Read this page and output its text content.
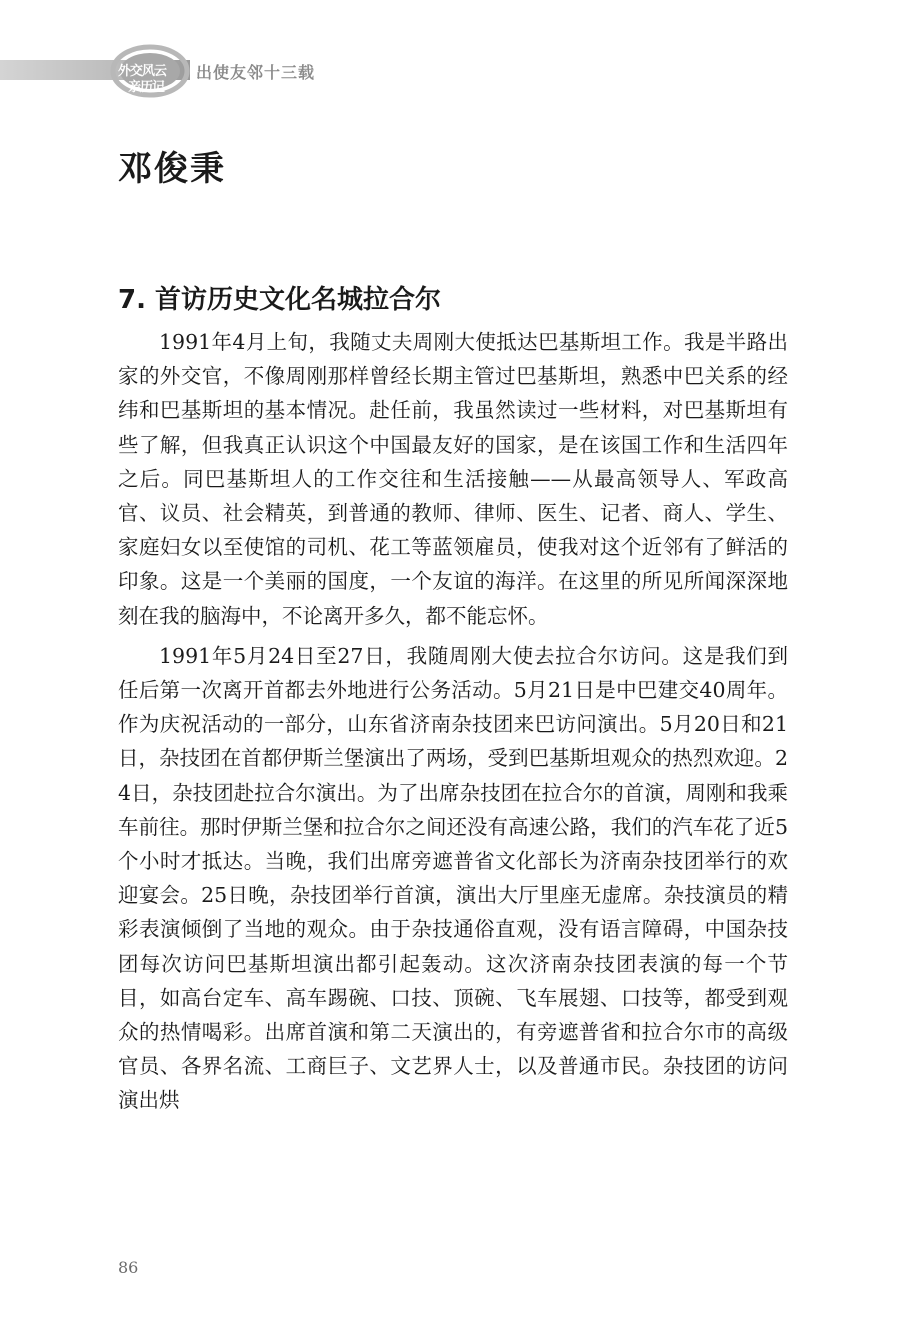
外交风云
亲历记
出使友邻十三载
邓俊秉
7. 首访历史文化名城拉合尔

1991年4月上旬，我随丈夫周刚大使抵达巴基斯坦工作。我是半路出家的外交官，不像周刚那样曾经长期主管过巴基斯坦，熟悉中巴关系的经纬和巴基斯坦的基本情况。赴任前，我虽然读过一些材料，对巴基斯坦有些了解，但我真正认识这个中国最友好的国家，是在该国工作和生活四年之后。同巴基斯坦人的工作交往和生活接触——从最高领导人、军政高官、议员、社会精英，到普通的教师、律师、医生、记者、商人、学生、家庭妇女以至使馆的司机、花工等蓝领雇员，使我对这个近邻有了鲜活的印象。这是一个美丽的国度，一个友谊的海洋。在这里的所见所闻深深地刻在我的脑海中，不论离开多久，都不能忘怀。

1991年5月24日至27日，我随周刚大使去拉合尔访问。这是我们到任后第一次离开首都去外地进行公务活动。5月21日是中巴建交40周年。作为庆祝活动的一部分，山东省济南杂技团来巴访问演出。5月20日和21日，杂技团在首都伊斯兰堡演出了两场，受到巴基斯坦观众的热烈欢迎。24日，杂技团赴拉合尔演出。为了出席杂技团在拉合尔的首演，周刚和我乘车前往。那时伊斯兰堡和拉合尔之间还没有高速公路，我们的汽车花了近5个小时才抵达。当晚，我们出席旁遮普省文化部长为济南杂技团举行的欢迎宴会。25日晚，杂技团举行首演，演出大厅里座无虚席。杂技演员的精彩表演倾倒了当地的观众。由于杂技通俗直观，没有语言障碍，中国杂技团每次访问巴基斯坦演出都引起轰动。这次济南杂技团表演的每一个节目，如高台定车、高车踢碗、口技、顶碗、飞车展翅、口技等，都受到观众的热情喝彩。出席首演和第二天演出的，有旁遮普省和拉合尔市的高级官员、各界名流、工商巨子、文艺界人士，以及普通市民。杂技团的访问演出烘

86
